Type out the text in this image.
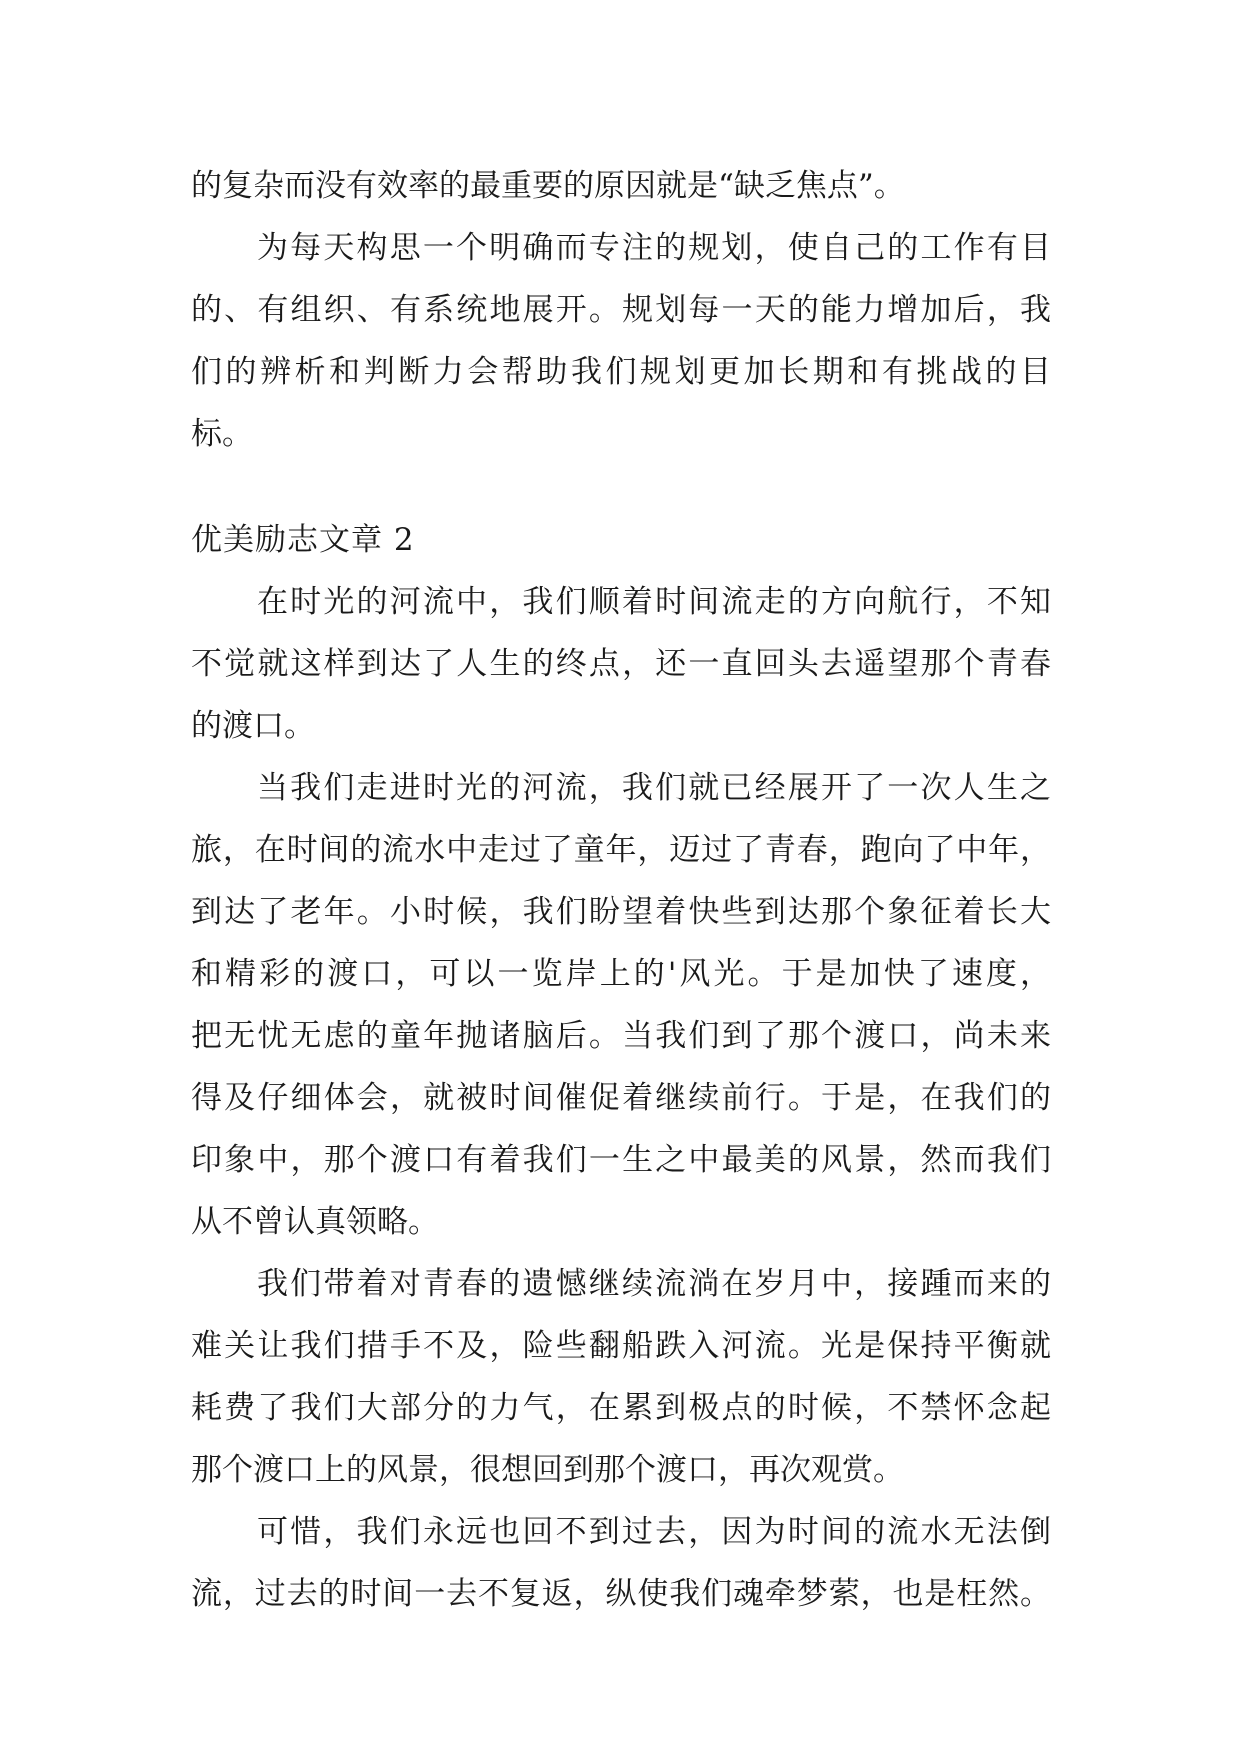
的复杂而没有效率的最重要的原因就是“缺乏焦点”。
为每天构思一个明确而专注的规划，使自己的工作有目
的、有组织、有系统地展开。规划每一天的能力增加后，我
们的辨析和判断力会帮助我们规划更加长期和有挑战的目
标。
优美励志文章 2
在时光的河流中，我们顺着时间流走的方向航行，不知
不觉就这样到达了人生的终点，还一直回头去遥望那个青春
的渡口。
当我们走进时光的河流，我们就已经展开了一次人生之
旅，在时间的流水中走过了童年，迈过了青春，跑向了中年，
到达了老年。小时候，我们盼望着快些到达那个象征着长大
和精彩的渡口，可以一览岸上的'风光。于是加快了速度，
把无忧无虑的童年抛诸脑后。当我们到了那个渡口，尚未来
得及仔细体会，就被时间催促着继续前行。于是，在我们的
印象中，那个渡口有着我们一生之中最美的风景，然而我们
从不曾认真领略。
我们带着对青春的遗憾继续流淌在岁月中，接踵而来的
难关让我们措手不及，险些翻船跌入河流。光是保持平衡就
耗费了我们大部分的力气，在累到极点的时候，不禁怀念起
那个渡口上的风景，很想回到那个渡口，再次观赏。
可惜，我们永远也回不到过去，因为时间的流水无法倒
流，过去的时间一去不复返，纵使我们魂牵梦萦，也是枉然。
